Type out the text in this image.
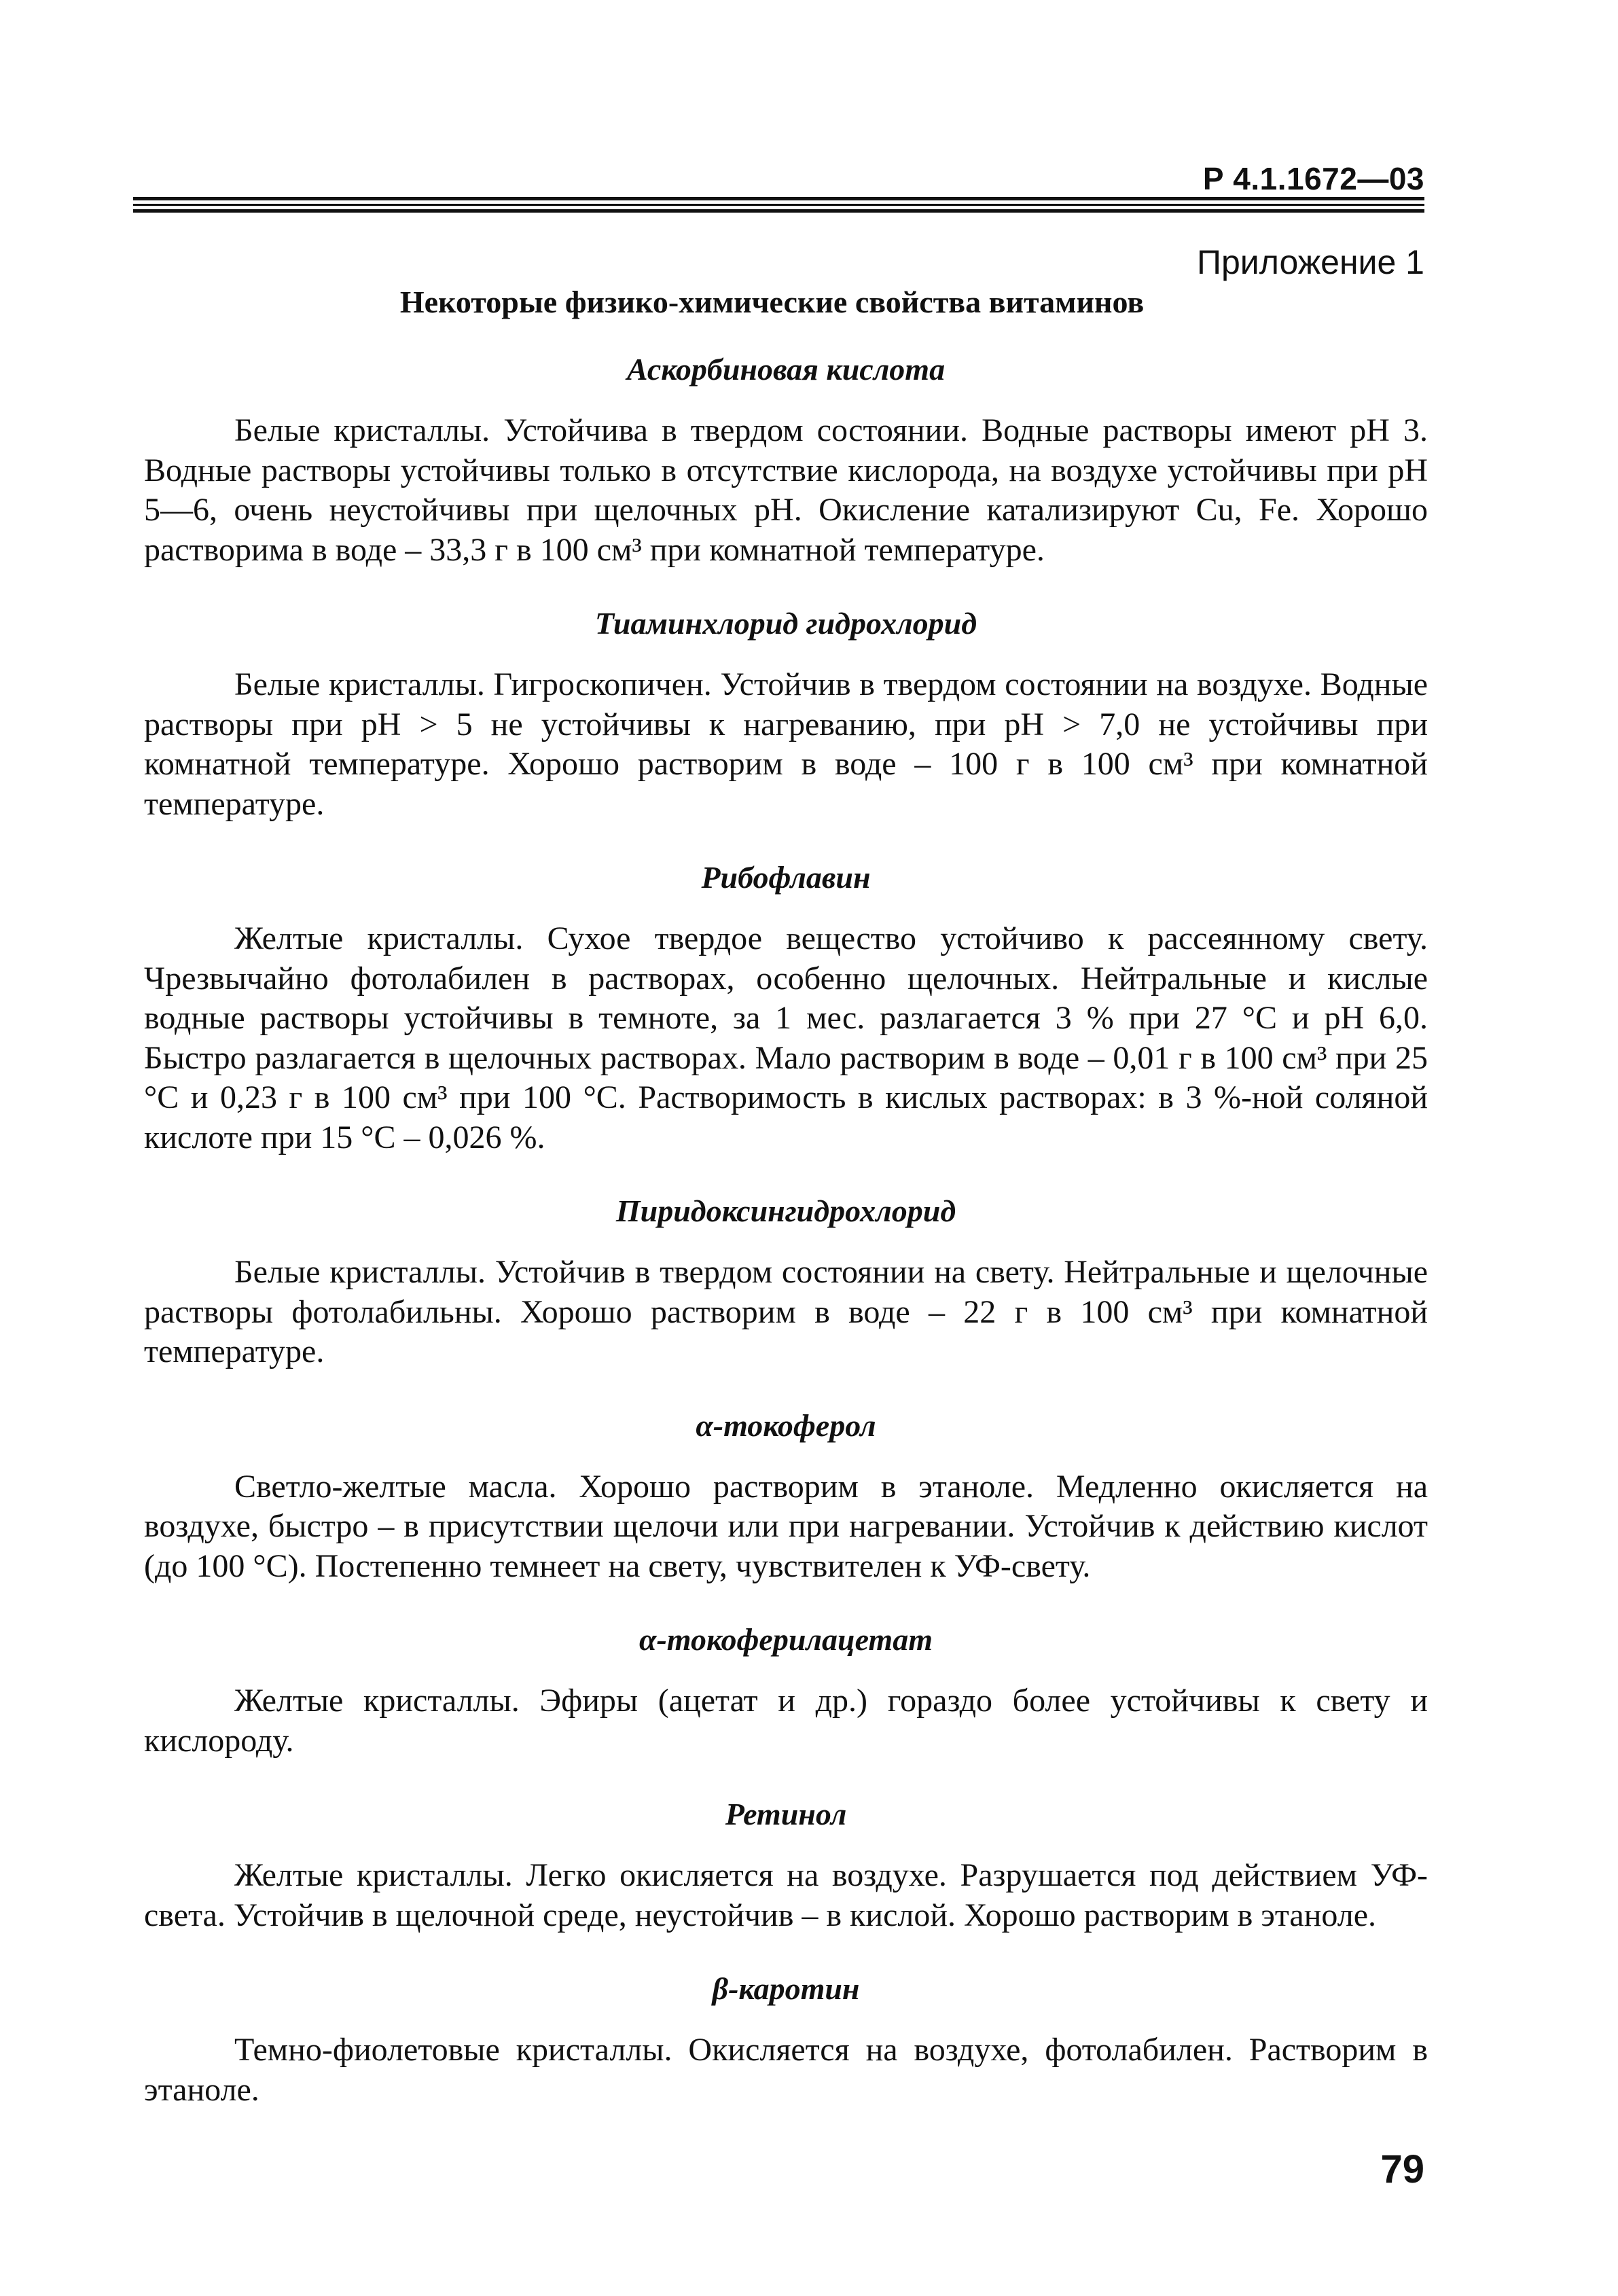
Р 4.1.1672—03
Приложение 1
Некоторые физико-химические свойства витаминов
Аскорбиновая кислота

Белые кристаллы. Устойчива в твердом состоянии. Водные растворы имеют pH 3. Водные растворы устойчивы только в отсутствие кислорода, на воздухе устойчивы при pH 5—6, очень неустойчивы при щелочных pH. Окисление катализируют Cu, Fe. Хорошо растворима в воде – 33,3 г в 100 см³ при комнатной температуре.

Тиаминхлорид гидрохлорид

Белые кристаллы. Гигроскопичен. Устойчив в твердом состоянии на воздухе. Водные растворы при pH > 5 не устойчивы к нагреванию, при pH > 7,0 не устойчивы при комнатной температуре. Хорошо растворим в воде – 100 г в 100 см³ при комнатной температуре.

Рибофлавин

Желтые кристаллы. Сухое твердое вещество устойчиво к рассеянному свету. Чрезвычайно фотолабилен в растворах, особенно щелочных. Нейтральные и кислые водные растворы устойчивы в темноте, за 1 мес. разлагается 3 % при 27 °С и pH 6,0. Быстро разлагается в щелочных растворах. Мало растворим в воде – 0,01 г в 100 см³ при 25 °С и 0,23 г в 100 см³ при 100 °С. Растворимость в кислых растворах: в 3 %-ной соляной кислоте при 15 °С – 0,026 %.

Пиридоксингидрохлорид

Белые кристаллы. Устойчив в твердом состоянии на свету. Нейтральные и щелочные растворы фотолабильны. Хорошо растворим в воде – 22 г в 100 см³ при комнатной температуре.

α-токоферол

Светло-желтые масла. Хорошо растворим в этаноле. Медленно окисляется на воздухе, быстро – в присутствии щелочи или при нагревании. Устойчив к действию кислот (до 100 °С). Постепенно темнеет на свету, чувствителен к УФ-свету.

α-токоферилацетат

Желтые кристаллы. Эфиры (ацетат и др.) гораздо более устойчивы к свету и кислороду.

Ретинол

Желтые кристаллы. Легко окисляется на воздухе. Разрушается под действием УФ-света. Устойчив в щелочной среде, неустойчив – в кислой. Хорошо растворим в этаноле.

β-каротин

Темно-фиолетовые кристаллы. Окисляется на воздухе, фотолабилен. Растворим в этаноле.

79
